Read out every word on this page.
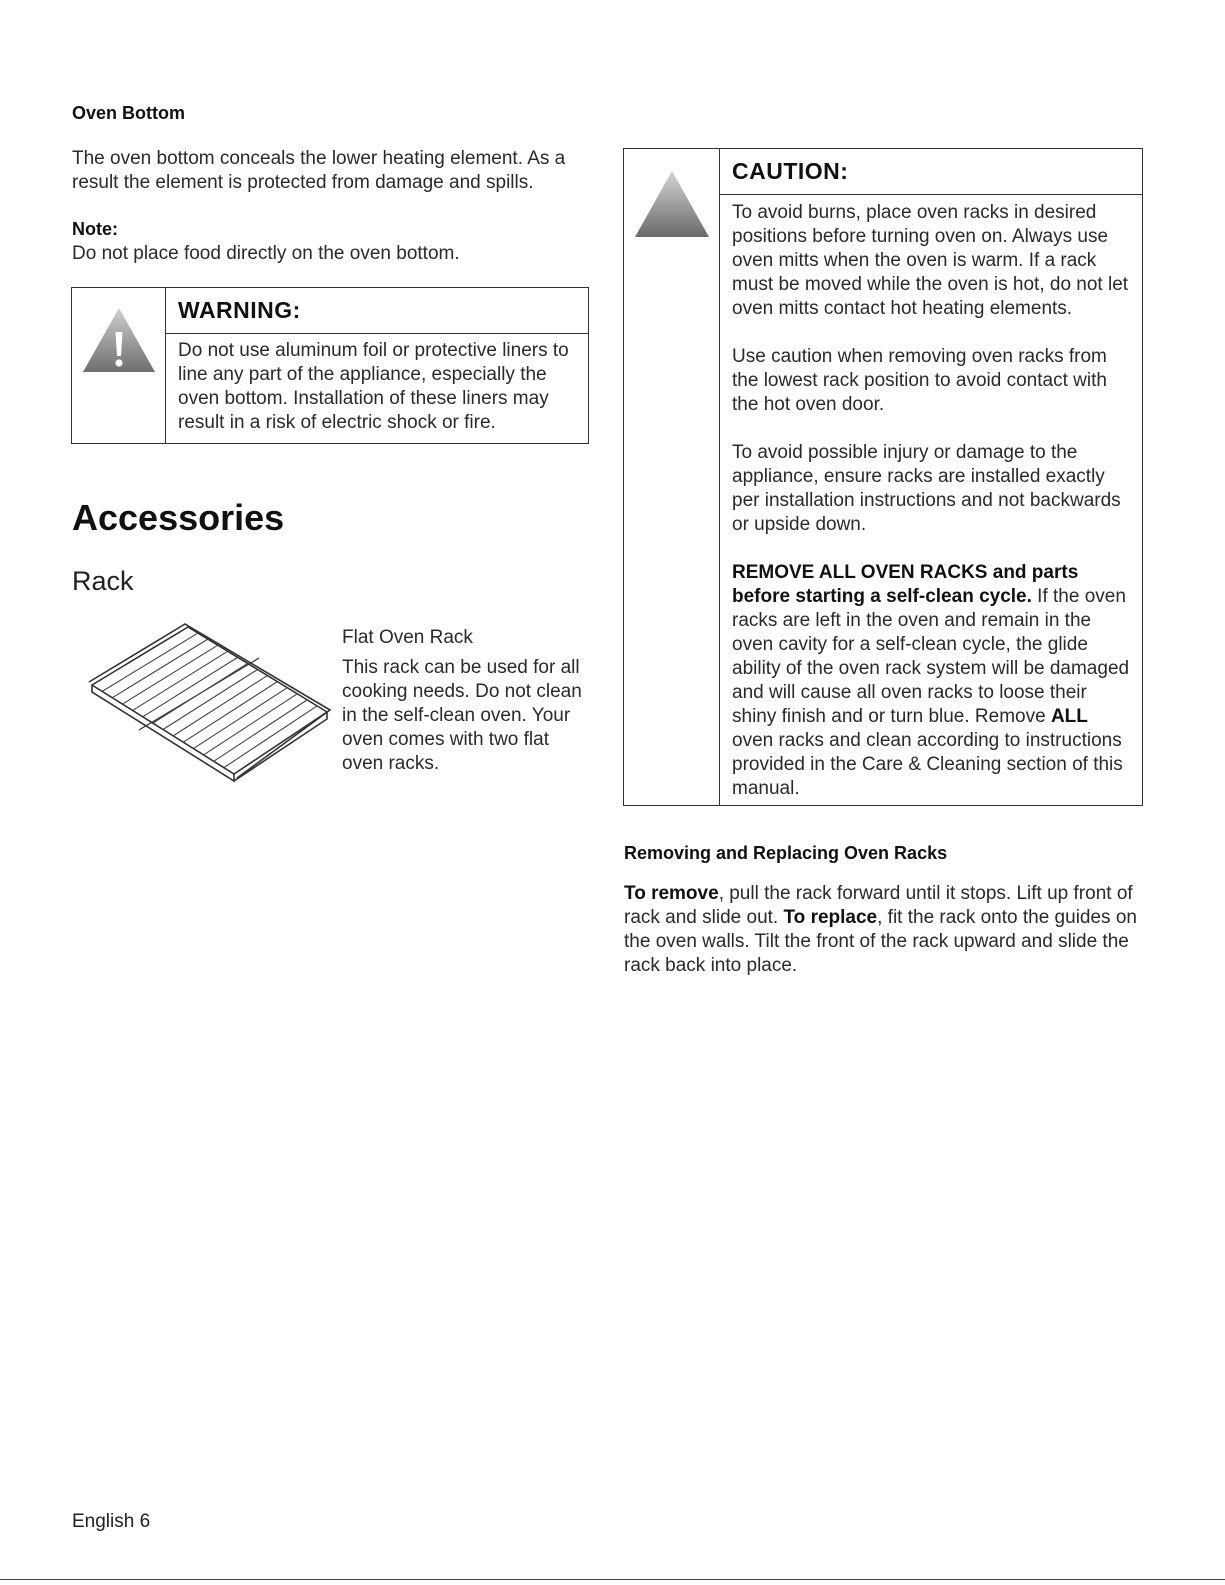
Oven Bottom
The oven bottom conceals the lower heating element. As a result the element is protected from damage and spills.
Note:
Do not place food directly on the oven bottom.
WARNING:
Do not use aluminum foil or protective liners to line any part of the appliance, especially the oven bottom. Installation of these liners may result in a risk of electric shock or fire.
Accessories
Rack
Flat Oven Rack
This rack can be used for all cooking needs. Do not clean in the self-clean oven. Your oven comes with two flat oven racks.
CAUTION:
To avoid burns, place oven racks in desired positions before turning oven on. Always use oven mitts when the oven is warm. If a rack must be moved while the oven is hot, do not let oven mitts contact hot heating elements.
Use caution when removing oven racks from the lowest rack position to avoid contact with the hot oven door.
To avoid possible injury or damage to the appliance, ensure racks are installed exactly per installation instructions and not backwards or upside down.
REMOVE ALL OVEN RACKS and parts before starting a self-clean cycle. If the oven racks are left in the oven and remain in the oven cavity for a self-clean cycle, the glide ability of the oven rack system will be damaged and will cause all oven racks to loose their shiny finish and or turn blue. Remove ALL oven racks and clean according to instructions provided in the Care & Cleaning section of this manual.
Removing and Replacing Oven Racks
To remove, pull the rack forward until it stops. Lift up front of rack and slide out. To replace, fit the rack onto the guides on the oven walls. Tilt the front of the rack upward and slide the rack back into place.
English 6
